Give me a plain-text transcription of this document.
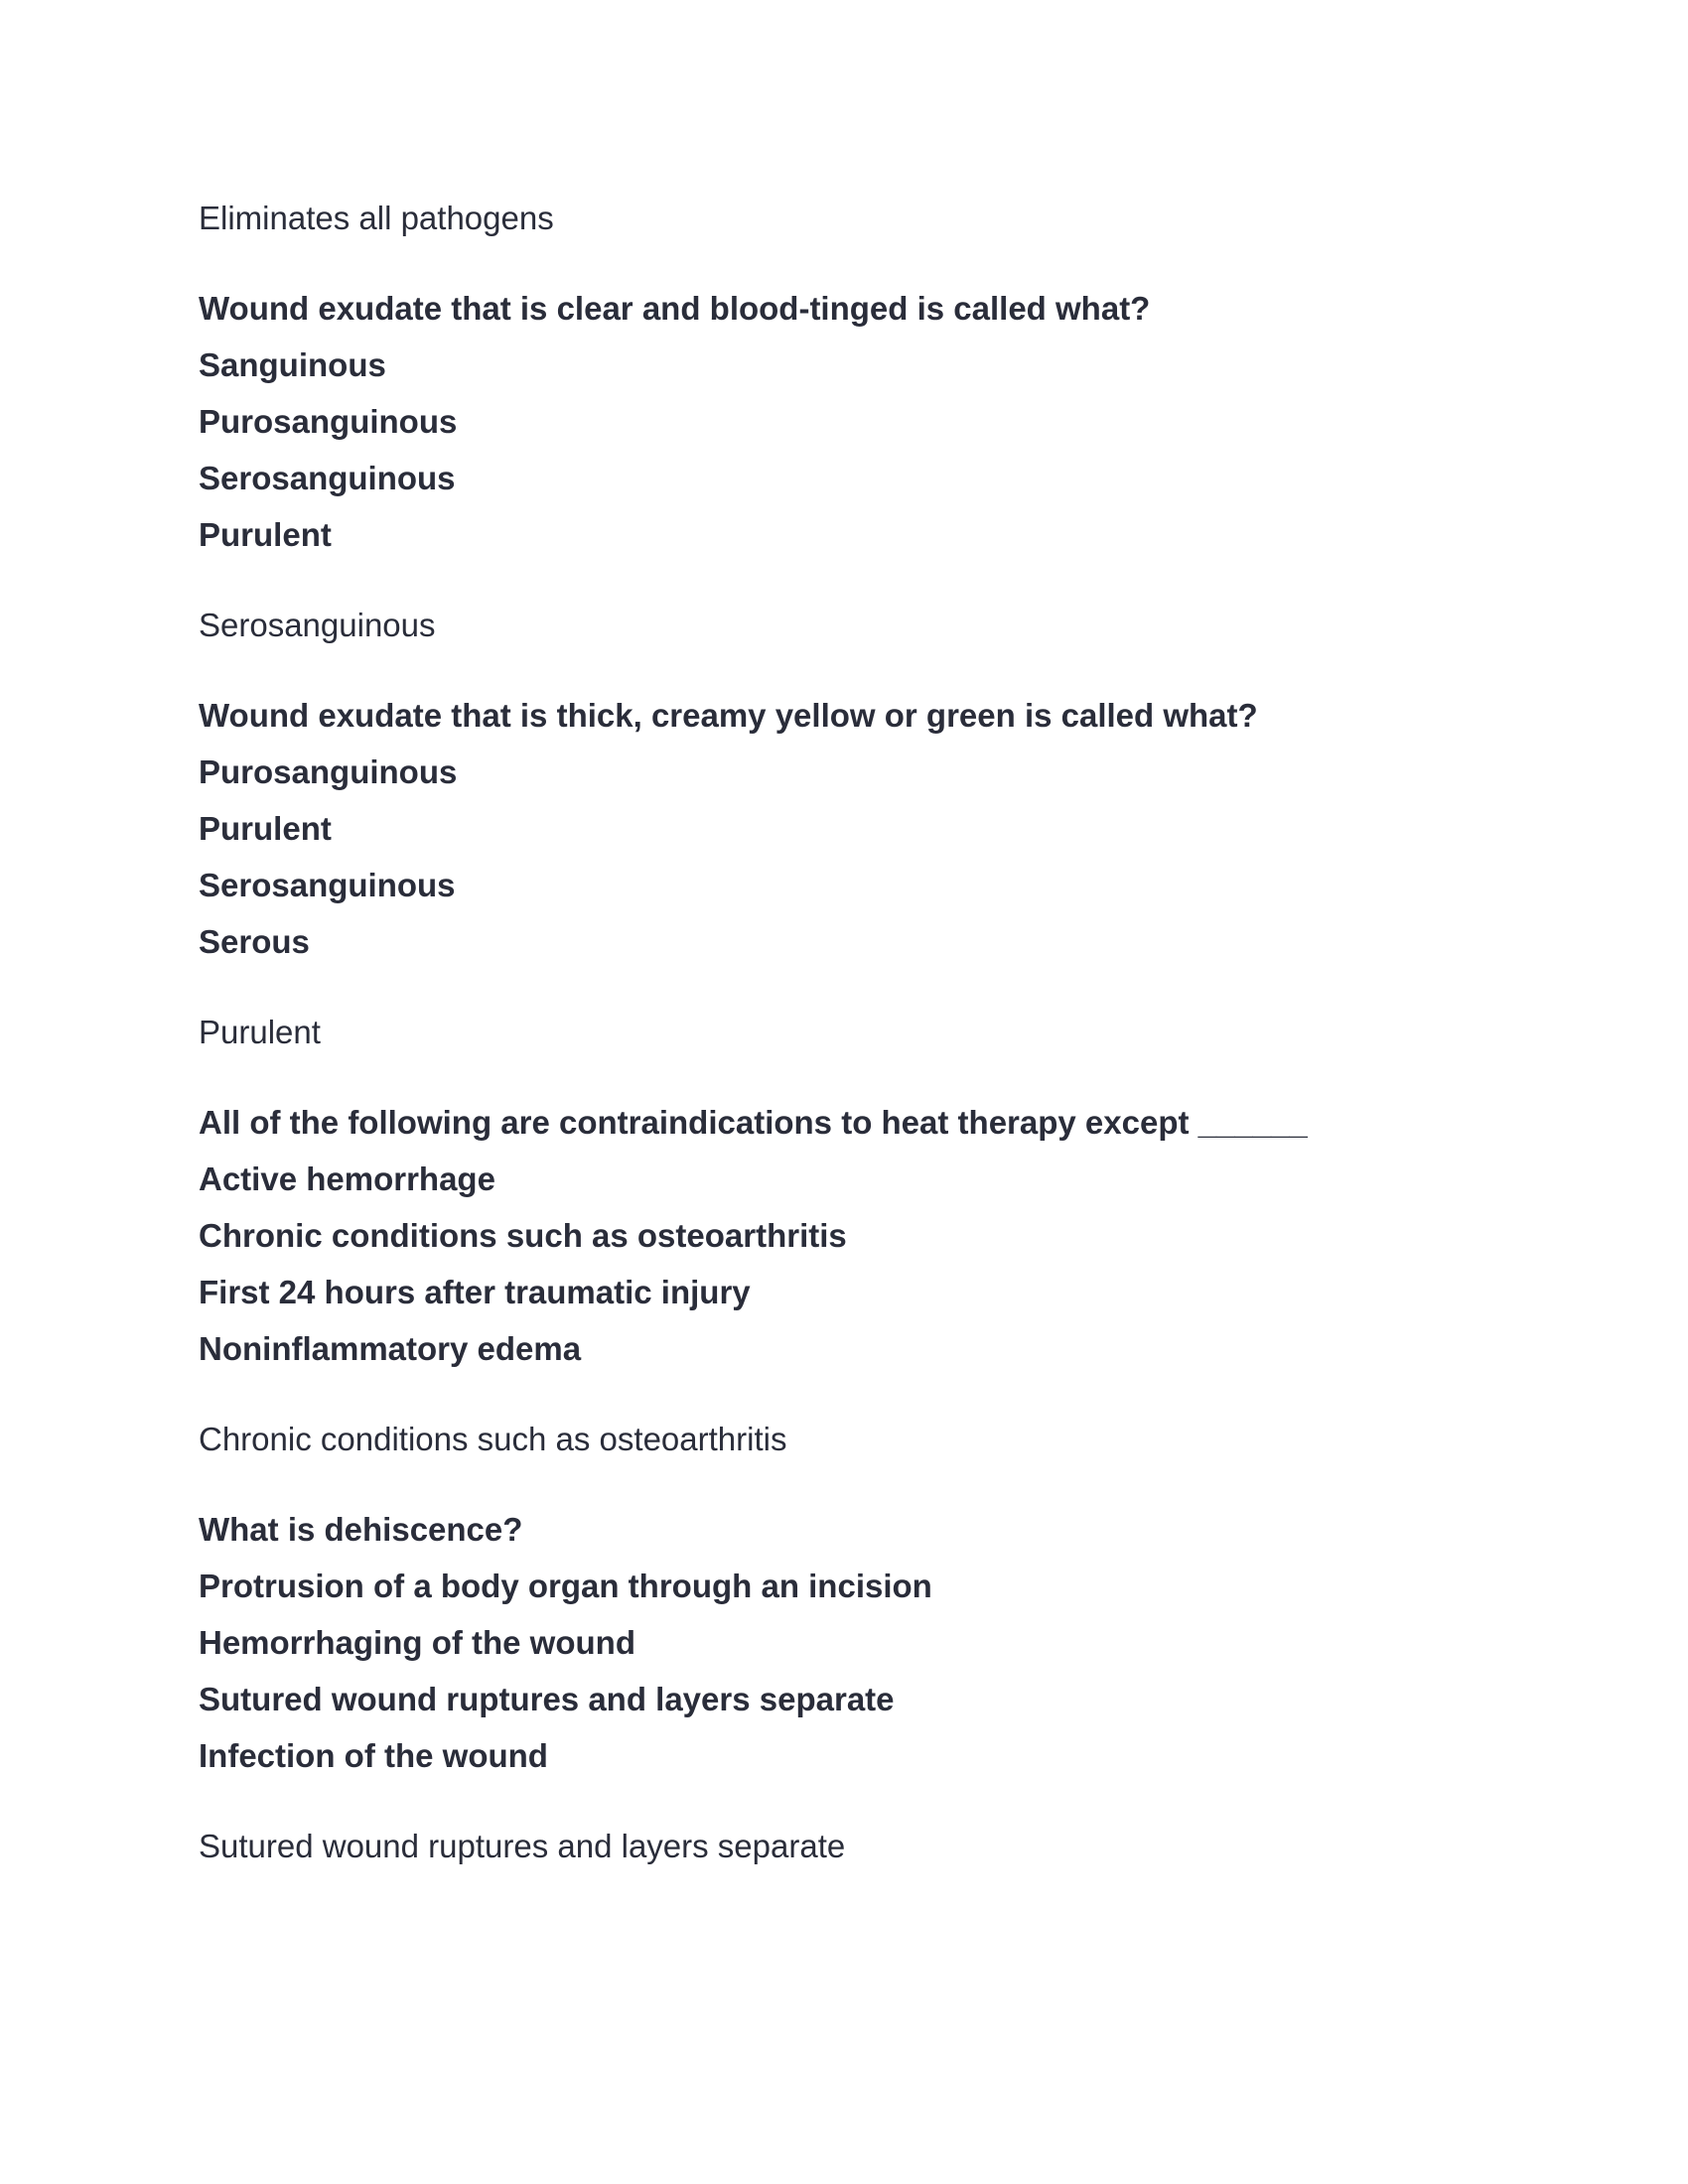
Eliminates all pathogens

Wound exudate that is clear and blood-tinged is called what?

Sanguinous

Purosanguinous

Serosanguinous

Purulent

Serosanguinous

Wound exudate that is thick, creamy yellow or green is called what?

Purosanguinous

Purulent

Serosanguinous

Serous

Purulent

All of the following are contraindications to heat therapy except ______

Active hemorrhage

Chronic conditions such as osteoarthritis

First 24 hours after traumatic injury

Noninflammatory edema

Chronic conditions such as osteoarthritis

What is dehiscence?

Protrusion of a body organ through an incision

Hemorrhaging of the wound

Sutured wound ruptures and layers separate

Infection of the wound

Sutured wound ruptures and layers separate
